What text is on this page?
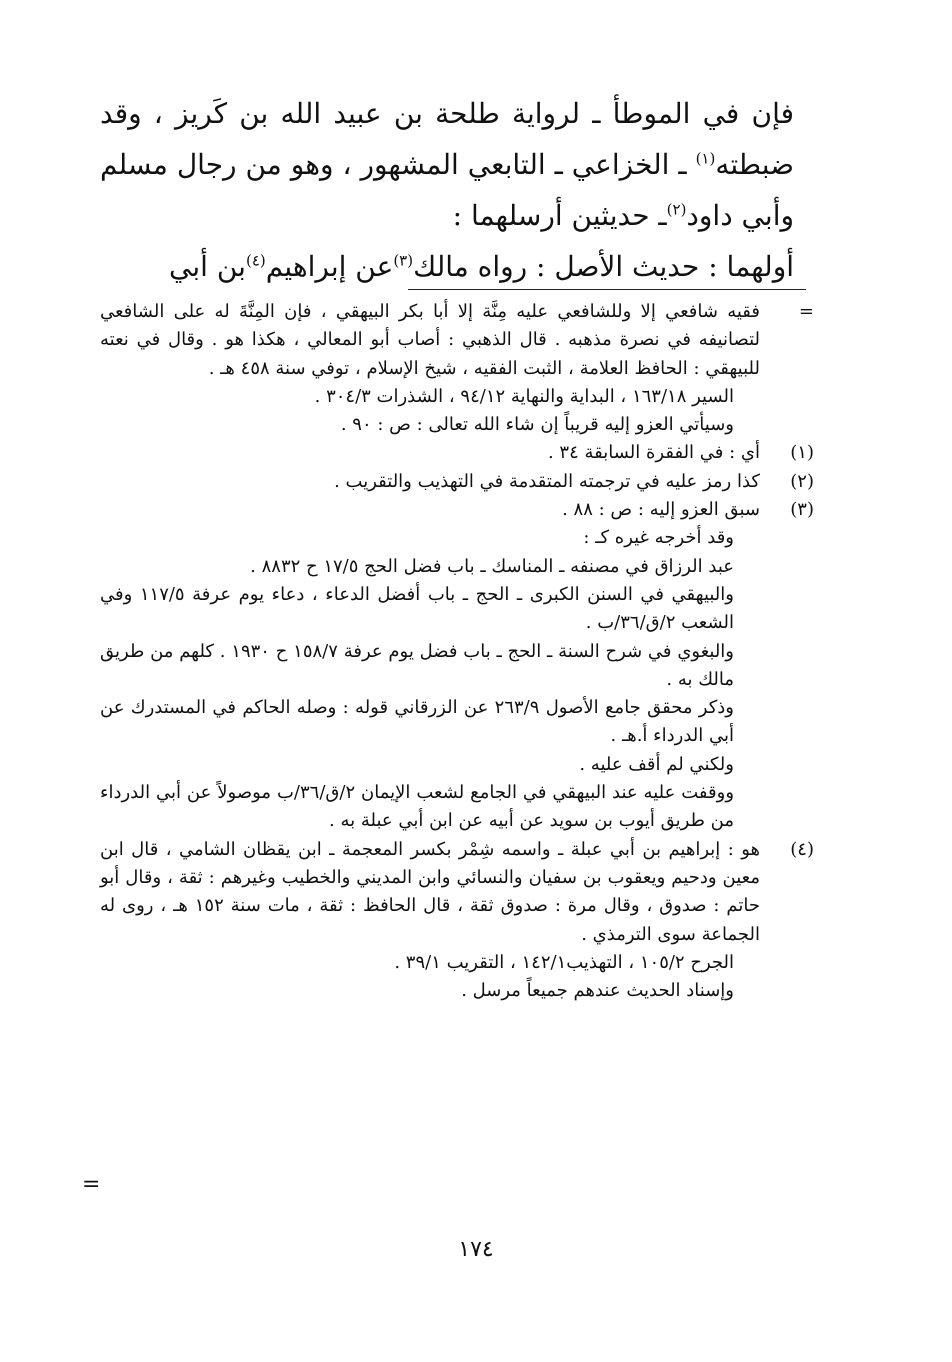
فإن في الموطأ ـ لرواية طلحة بن عبيد الله بن كَريز ، وقد ضبطته$^{(١)}$ ـ الخزاعي ـ التابعي المشهور ، وهو من رجال مسلم وأبي داود$^{(٢)}$ـ حديثين أرسلهما :

أولهما : حديث الأصل : رواه مالك$^{(٣)}$عن إبراهيم$^{(٤)}$بن أبي

=
فقيه شافعي إلا وللشافعي عليه مِنَّة إلا أبا بكر البيهقي ، فإن المِنَّةَ له على الشافعي لتصانيفه في نصرة مذهبه . قال الذهبي : أصاب أبو المعالي ، هكذا هو . وقال في نعته للبيهقي : الحافظ العلامة ، الثبت الفقيه ، شيخ الإسلام ، توفي سنة ٤٥٨ هـ .
السير ١٦٣/١٨ ، البداية والنهاية ٩٤/١٢ ، الشذرات ٣٠٤/٣ .
وسيأتي العزو إليه قريباً إن شاء الله تعالى : ص : ٩٠ .
(١)
أي : في الفقرة السابقة ٣٤ .
(٢)
كذا رمز عليه في ترجمته المتقدمة في التهذيب والتقريب .
(٣)
سبق العزو إليه : ص : ٨٨ .
وقد أخرجه غيره كـ :
عبد الرزاق في مصنفه ـ المناسك ـ باب فضل الحج ١٧/٥ ح ٨٨٣٢ .
والبيهقي في السنن الكبرى ـ الحج ـ باب أفضل الدعاء ، دعاء يوم عرفة ١١٧/٥ وفي الشعب ٢/ق/٣٦/ب .
والبغوي في شرح السنة ـ الحج ـ باب فضل يوم عرفة ١٥٨/٧ ح ١٩٣٠ . كلهم من طريق مالك به .
وذكر محقق جامع الأصول ٢٦٣/٩ عن الزرقاني قوله : وصله الحاكم في المستدرك عن أبي الدرداء أ.هـ .
ولكني لم أقف عليه .
ووقفت عليه عند البيهقي في الجامع لشعب الإيمان ٢/ق/٣٦/ب موصولاً عن أبي الدرداء من طريق أيوب بن سويد عن أبيه عن ابن أبي عبلة به .
(٤)
هو : إبراهيم بن أبي عبلة ـ واسمه شِمْر بكسر المعجمة ـ ابن يقظان الشامي ، قال ابن معين ودحيم ويعقوب بن سفيان والنسائي وابن المديني والخطيب وغيرهم : ثقة ، وقال أبو حاتم : صدوق ، وقال مرة : صدوق ثقة ، قال الحافظ : ثقة ، مات سنة ١٥٢ هـ ، روى له الجماعة سوى الترمذي .
الجرح ١٠٥/٢ ، التهذيب١٤٢/١ ، التقريب ٣٩/١ .
وإسناد الحديث عندهم جميعاً مرسل .
=
١٧٤
